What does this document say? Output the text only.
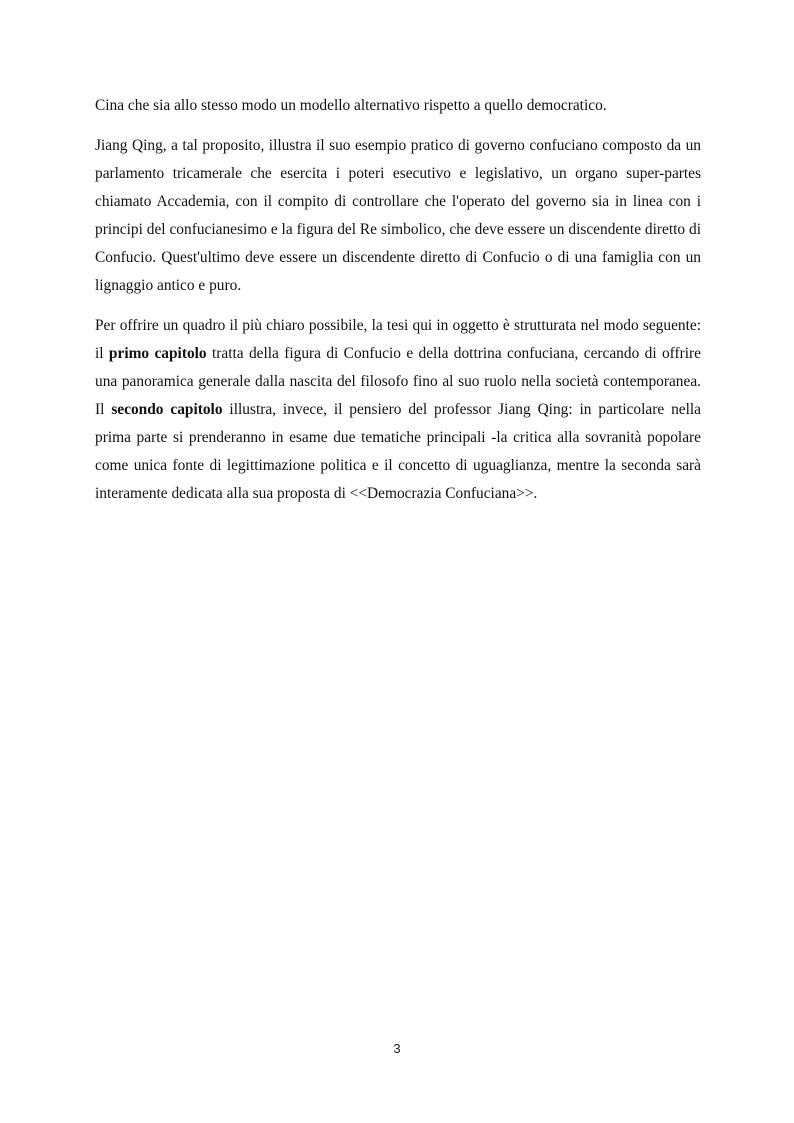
Cina che sia allo stesso modo un modello alternativo rispetto a quello democratico.

Jiang Qing, a tal proposito, illustra il suo esempio pratico di governo confuciano composto da un parlamento tricamerale che esercita i poteri esecutivo e legislativo, un organo super-partes chiamato Accademia, con il compito di controllare che l'operato del governo sia in linea con i principi del confucianesimo e la figura del Re simbolico, che deve essere un discendente diretto di Confucio. Quest'ultimo deve essere un discendente diretto di Confucio o di una famiglia con un lignaggio antico e puro.

Per offrire un quadro il più chiaro possibile, la tesi qui in oggetto è strutturata nel modo seguente: il primo capitolo tratta della figura di Confucio e della dottrina confuciana, cercando di offrire una panoramica generale dalla nascita del filosofo fino al suo ruolo nella società contemporanea. Il secondo capitolo illustra, invece, il pensiero del professor Jiang Qing: in particolare nella prima parte si prenderanno in esame due tematiche principali -la critica alla sovranità popolare come unica fonte di legittimazione politica e il concetto di uguaglianza, mentre la seconda sarà interamente dedicata alla sua proposta di <<Democrazia Confuciana>>.

3
